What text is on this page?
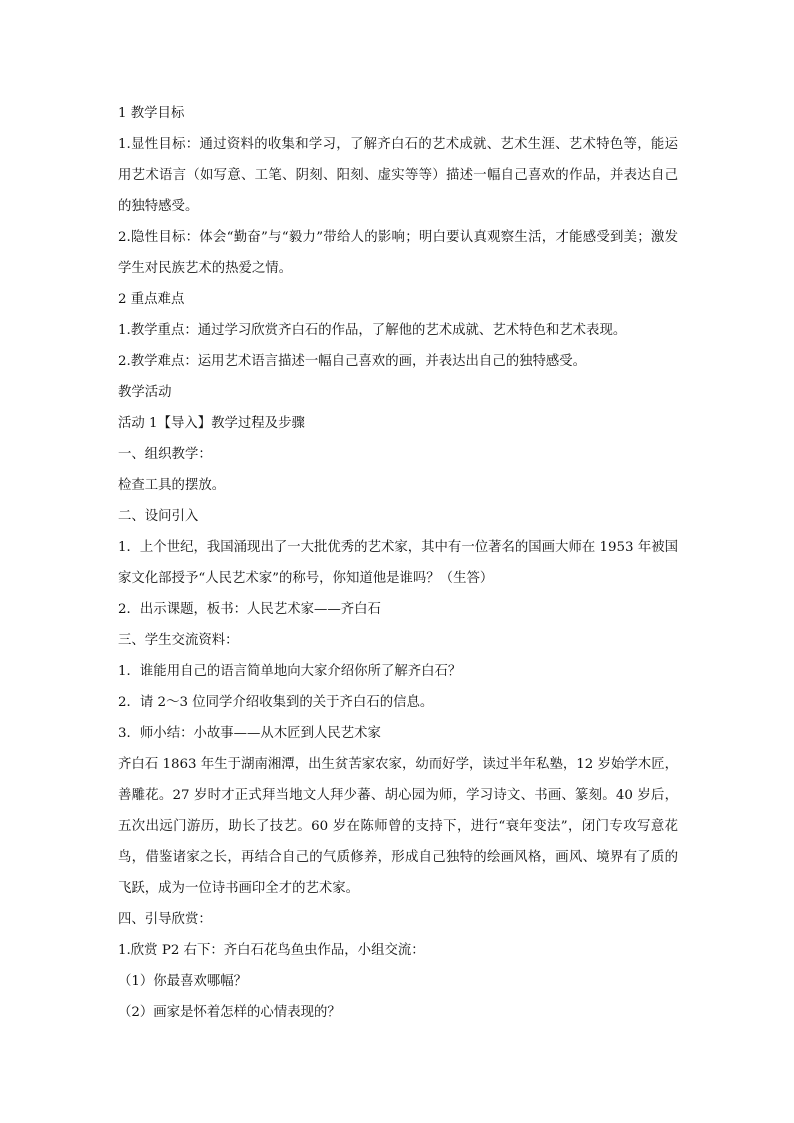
1 教学目标

1.显性目标：通过资料的收集和学习，了解齐白石的艺术成就、艺术生涯、艺术特色等，能运用艺术语言（如写意、工笔、阴刻、阳刻、虚实等等）描述一幅自己喜欢的作品，并表达自己的独特感受。

2.隐性目标：体会“勤奋”与“毅力”带给人的影响；明白要认真观察生活，才能感受到美；激发学生对民族艺术的热爱之情。

2 重点难点

1.教学重点：通过学习欣赏齐白石的作品，了解他的艺术成就、艺术特色和艺术表现。

2.教学难点：运用艺术语言描述一幅自己喜欢的画，并表达出自己的独特感受。

教学活动

活动 1【导入】教学过程及步骤

一、组织教学：

检查工具的摆放。

二、设问引入

1．上个世纪，我国涌现出了一大批优秀的艺术家，其中有一位著名的国画大师在 1953 年被国家文化部授予“人民艺术家”的称号，你知道他是谁吗？（生答）

2．出示课题，板书：人民艺术家——齐白石

三、学生交流资料：

1．谁能用自己的语言简单地向大家介绍你所了解齐白石？

2．请 2～3 位同学介绍收集到的关于齐白石的信息。

3．师小结：小故事——从木匠到人民艺术家

齐白石 1863 年生于湖南湘潭，出生贫苦家农家，幼而好学，读过半年私塾，12 岁始学木匠，善雕花。27 岁时才正式拜当地文人拜少蕃、胡心园为师，学习诗文、书画、篆刻。40 岁后，五次出远门游历，助长了技艺。60 岁在陈师曾的支持下，进行“衰年变法”，闭门专攻写意花鸟，借鉴诸家之长，再结合自己的气质修养，形成自己独特的绘画风格，画风、境界有了质的飞跃，成为一位诗书画印全才的艺术家。

四、引导欣赏：

1.欣赏 P2 右下：齐白石花鸟鱼虫作品，小组交流：

（1）你最喜欢哪幅？

（2）画家是怀着怎样的心情表现的？
